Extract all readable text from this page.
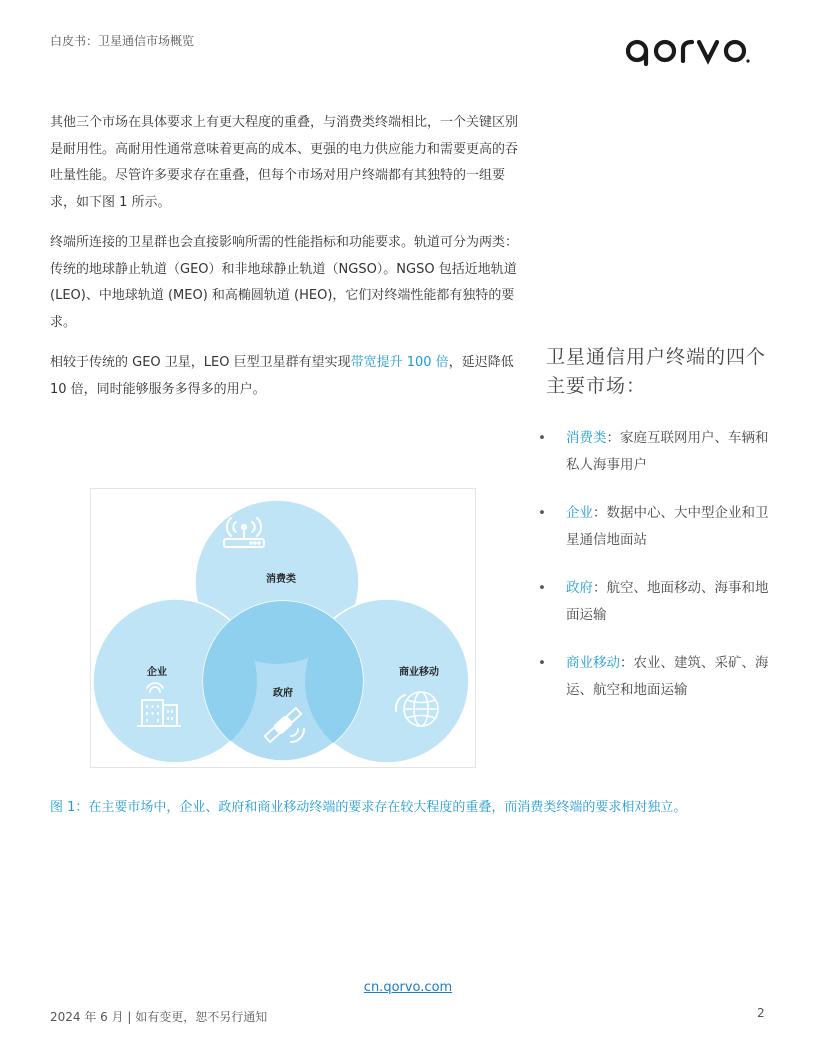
白皮书：卫星通信市场概览

其他三个市场在具体要求上有更大程度的重叠，与消费类终端相比，一个关键区别是耐用性。高耐用性通常意味着更高的成本、更强的电力供应能力和需要更高的吞吐量性能。尽管许多要求存在重叠，但每个市场对用户终端都有其独特的一组要求，如下图 1 所示。

终端所连接的卫星群也会直接影响所需的性能指标和功能要求。轨道可分为两类：传统的地球静止轨道（GEO）和非地球静止轨道（NGSO）。NGSO 包括近地轨道 (LEO)、中地球轨道 (MEO) 和高椭圆轨道 (HEO)，它们对终端性能都有独特的要求。

相较于传统的 GEO 卫星，LEO 巨型卫星群有望实现带宽提升 100 倍，延迟降低 10 倍，同时能够服务多得多的用户。

卫星通信用户终端的四个主要市场：
• 消费类：家庭互联网用户、车辆和私人海事用户
• 企业：数据中心、大中型企业和卫星通信地面站
• 政府：航空、地面移动、海事和地面运输
• 商业移动：农业、建筑、采矿、海运、航空和地面运输
消费类
企业
政府
商业移动
图 1：在主要市场中，企业、政府和商业移动终端的要求存在较大程度的重叠，而消费类终端的要求相对独立。
cn.qorvo.com
2024 年 6 月 | 如有变更，恕不另行通知	2
